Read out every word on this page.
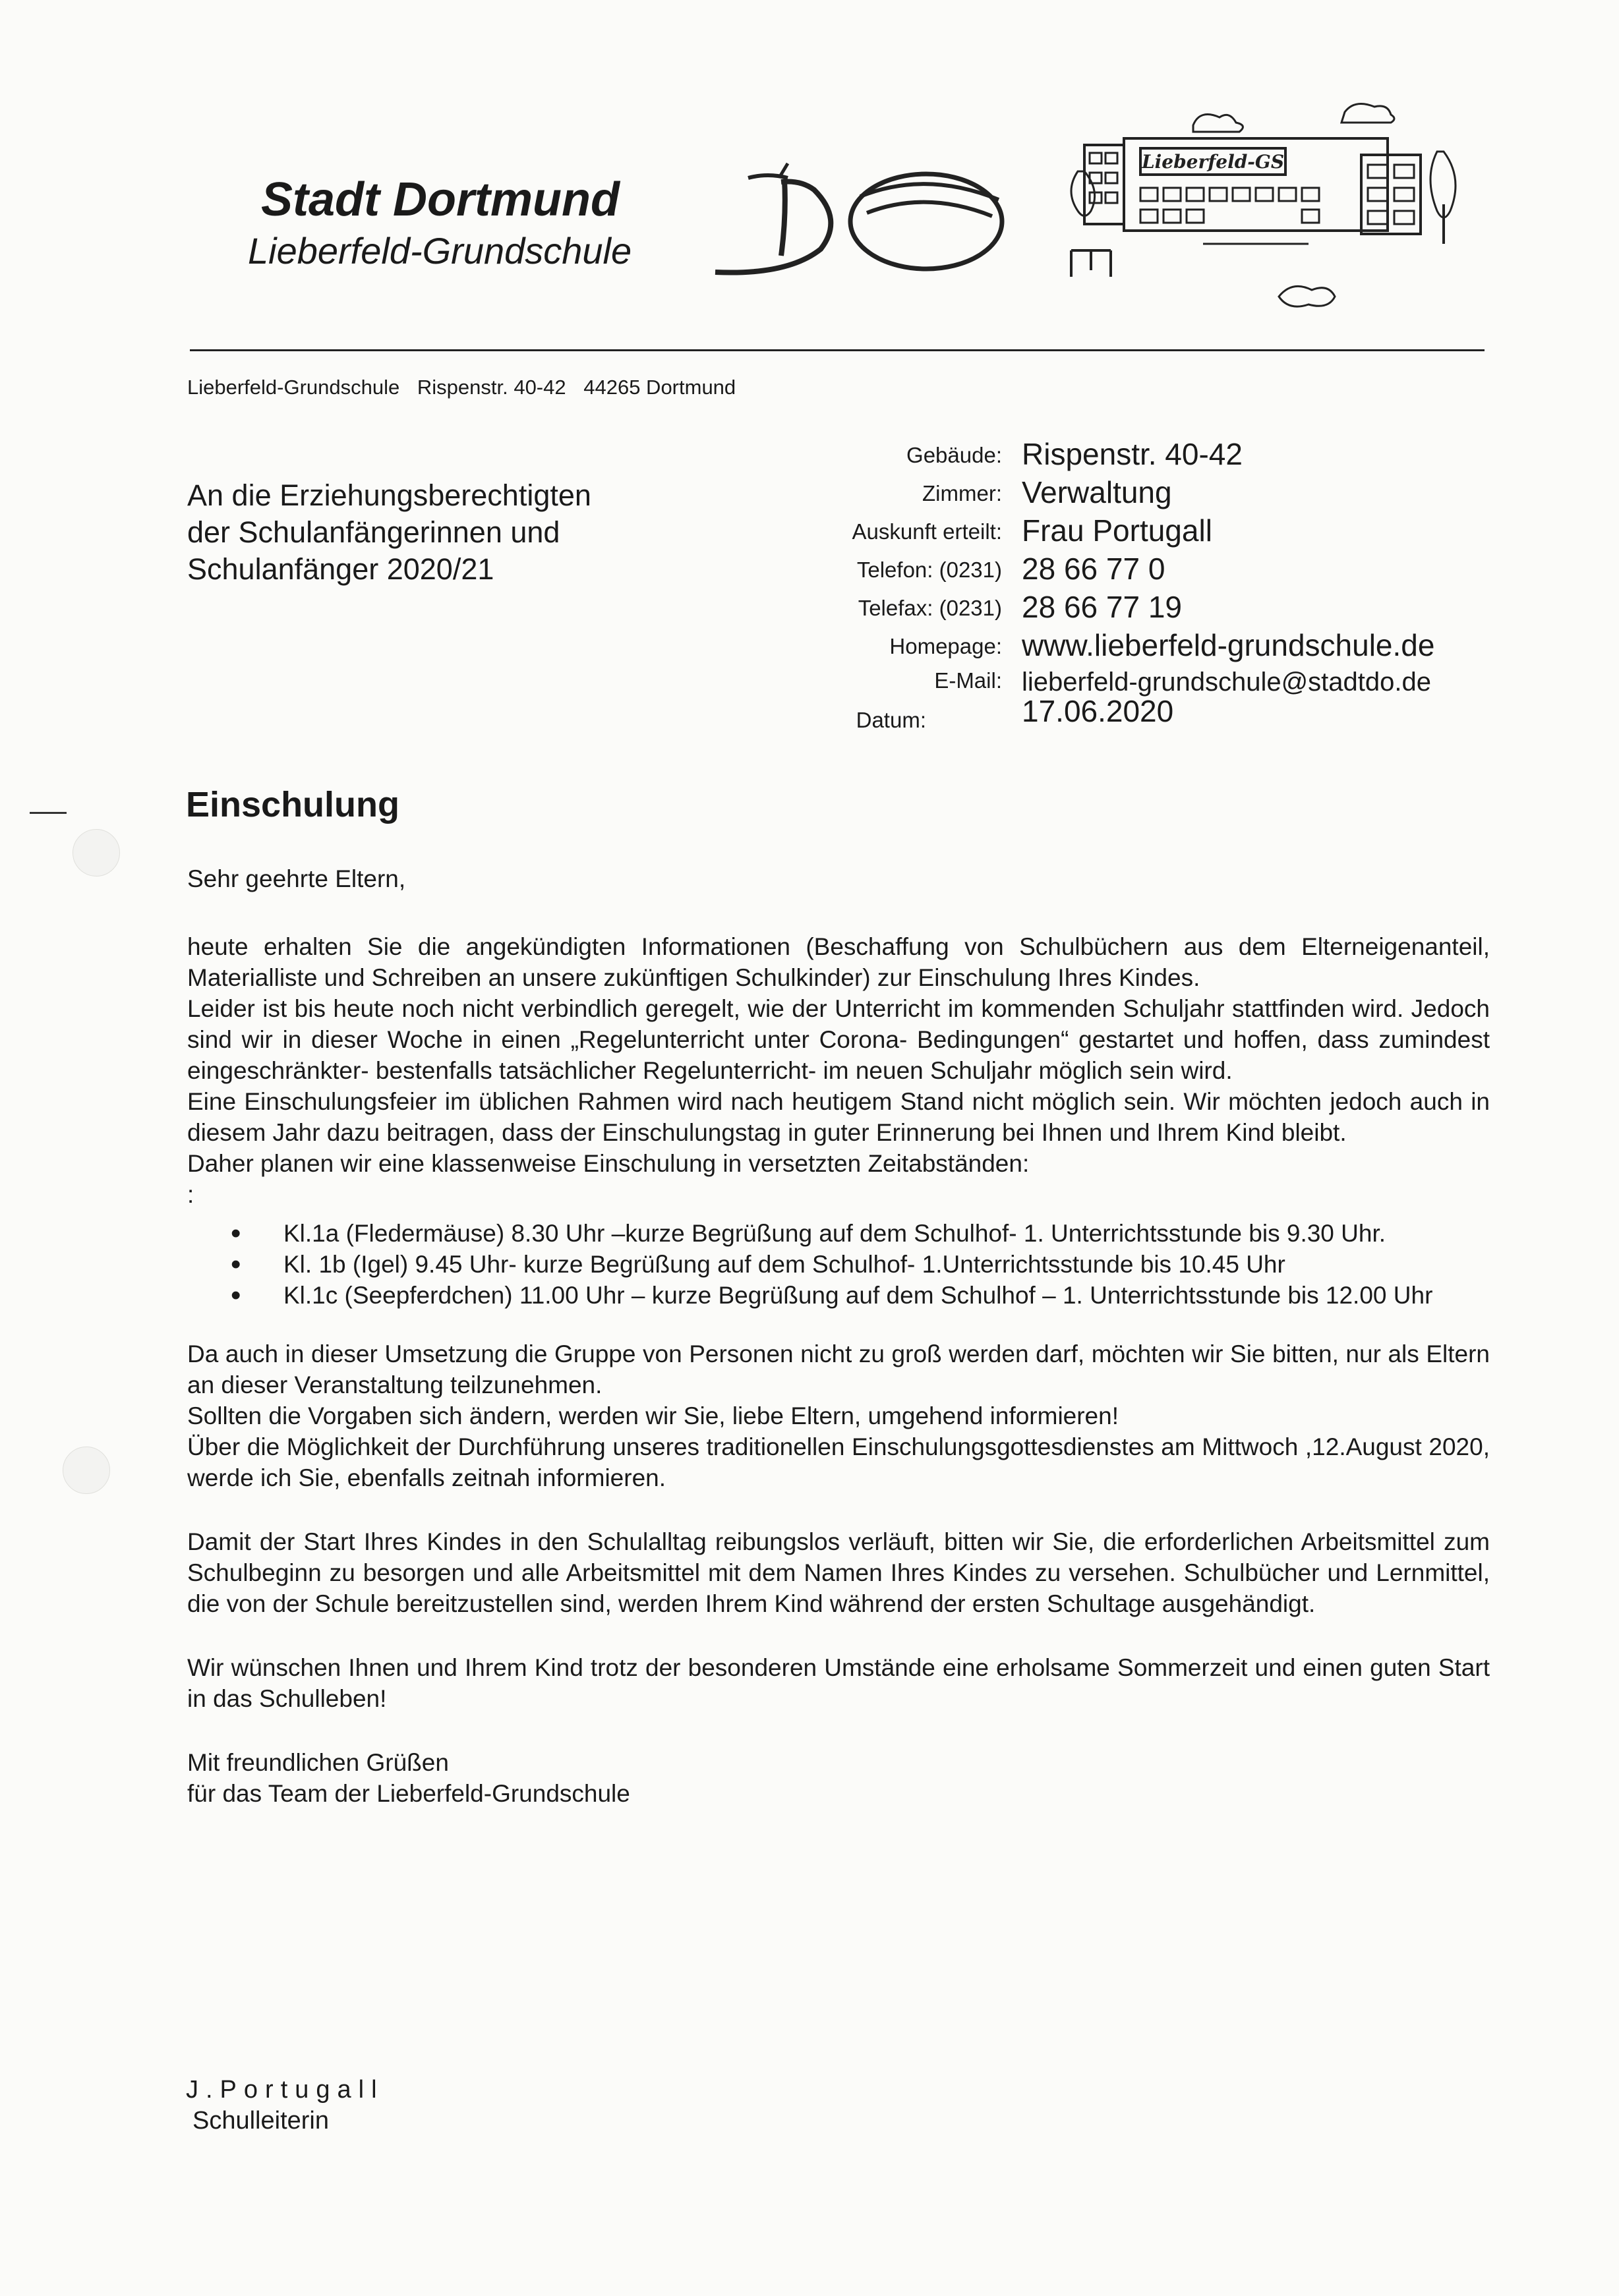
Stadt Dortmund
Lieberfeld-Grundschule
Lieberfeld-GS
Lieberfeld-Grundschule Rispenstr. 40-42 44265 Dortmund
An die Erziehungsberechtigten
der Schulanfängerinnen und
Schulanfänger 2020/21
Gebäude: Rispenstr. 40-42
Zimmer: Verwaltung
Auskunft erteilt: Frau Portugall
Telefon: (0231) 28 66 77 0
Telefax: (0231) 28 66 77 19
Homepage: www.lieberfeld-grundschule.de
E-Mail: lieberfeld-grundschule@stadtdo.de
Datum:	17.06.2020
Einschulung

Sehr geehrte Eltern,

heute erhalten Sie die angekündigten Informationen (Beschaffung von Schulbüchern aus dem Elterneigenanteil, Materialliste und Schreiben an unsere zukünftigen Schulkinder) zur Einschulung Ihres Kindes.

Leider ist bis heute noch nicht verbindlich geregelt, wie der Unterricht im kommenden Schuljahr stattfinden wird. Jedoch sind wir in dieser Woche in einen „Regelunterricht unter Corona- Bedingungen“ gestartet und hoffen, dass zumindest eingeschränkter- bestenfalls tatsächlicher Regelunterricht- im neuen Schuljahr möglich sein wird.

Eine Einschulungsfeier im üblichen Rahmen wird nach heutigem Stand nicht möglich sein. Wir möchten jedoch auch in diesem Jahr dazu beitragen, dass der Einschulungstag in guter Erinnerung bei Ihnen und Ihrem Kind bleibt.

Daher planen wir eine klassenweise Einschulung in versetzten Zeitabständen:

:

• Kl.1a (Fledermäuse) 8.30 Uhr –kurze Begrüßung auf dem Schulhof- 1. Unterrichtsstunde bis 9.30 Uhr.
• Kl. 1b (Igel) 9.45 Uhr- kurze Begrüßung auf dem Schulhof- 1.Unterrichtsstunde bis 10.45 Uhr
• Kl.1c (Seepferdchen) 11.00 Uhr – kurze Begrüßung auf dem Schulhof – 1. Unterrichtsstunde bis 12.00 Uhr

Da auch in dieser Umsetzung die Gruppe von Personen nicht zu groß werden darf, möchten wir Sie bitten, nur als Eltern an dieser Veranstaltung teilzunehmen.

Sollten die Vorgaben sich ändern, werden wir Sie, liebe Eltern, umgehend informieren!

Über die Möglichkeit der Durchführung unseres traditionellen Einschulungsgottesdienstes am Mittwoch ,12.August 2020, werde ich Sie, ebenfalls zeitnah informieren.

Damit der Start Ihres Kindes in den Schulalltag reibungslos verläuft, bitten wir Sie, die erforderlichen Arbeitsmittel zum Schulbeginn zu besorgen und alle Arbeitsmittel mit dem Namen Ihres Kindes zu versehen. Schulbücher und Lernmittel, die von der Schule bereitzustellen sind, werden Ihrem Kind während der ersten Schultage ausgehändigt.

Wir wünschen Ihnen und Ihrem Kind trotz der besonderen Umstände eine erholsame Sommerzeit und einen guten Start in das Schulleben!

Mit freundlichen Grüßen

für das Team der Lieberfeld-Grundschule

J.Portugall
Schulleiterin
